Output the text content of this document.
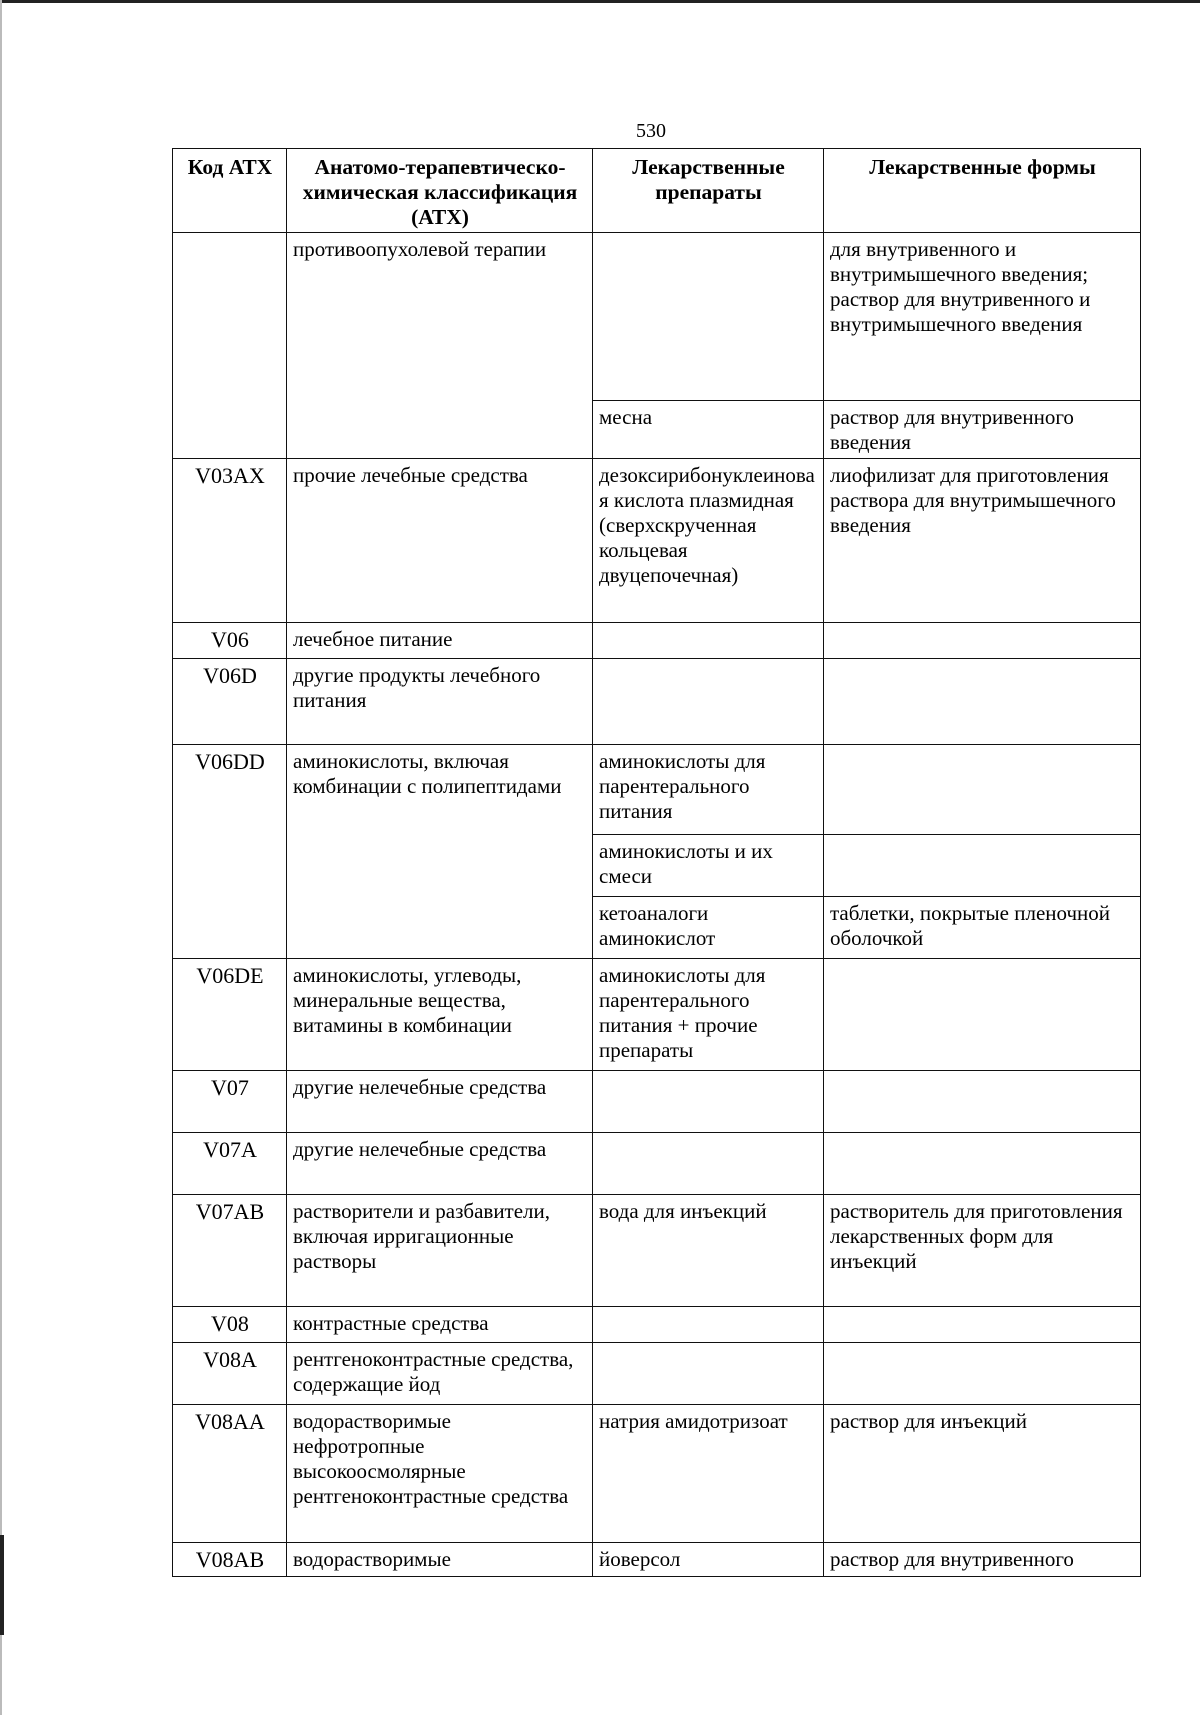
530
Код АТХ	Анатомо-терапевтическо-химическая классификация (АТХ)	Лекарственные препараты	Лекарственные формы
	противоопухолевой терапии		для внутривенного и внутримышечного введения; раствор для внутривенного и внутримышечного введения
		месна	раствор для внутривенного введения
V03AX	прочие лечебные средства	дезоксирибонуклеиновая кислота плазмидная (сверхскрученная кольцевая двуцепочечная)	лиофилизат для приготовления раствора для внутримышечного введения
V06	лечебное питание		
V06D	другие продукты лечебного питания		
V06DD	аминокислоты, включая комбинации с полипептидами	аминокислоты для парентерального питания	
		аминокислоты и их смеси	
		кетоаналоги аминокислот	таблетки, покрытые пленочной оболочкой
V06DE	аминокислоты, углеводы, минеральные вещества, витамины в комбинации	аминокислоты для парентерального питания + прочие препараты	
V07	другие нелечебные средства		
V07A	другие нелечебные средства		
V07AB	растворители и разбавители, включая ирригационные растворы	вода для инъекций	растворитель для приготовления лекарственных форм для инъекций
V08	контрастные средства		
V08A	рентгеноконтрастные средства, содержащие йод		
V08AA	водорастворимые нефротропные высокоосмолярные рентгеноконтрастные средства	натрия амидотризоат	раствор для инъекций
V08AB	водорастворимые	йоверсол	раствор для внутривенного
